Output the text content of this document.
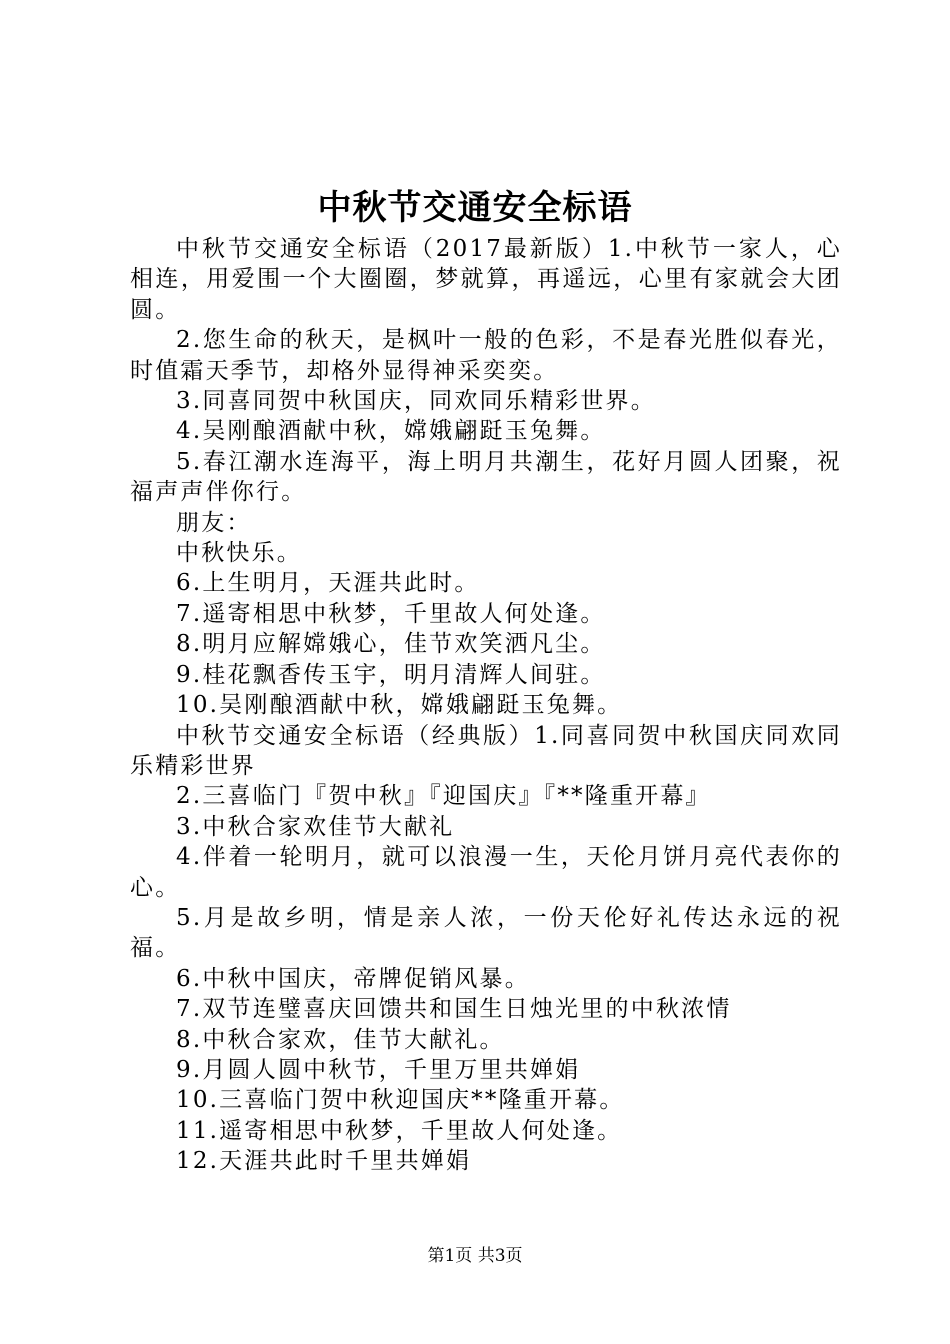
中秋节交通安全标语

中秋节交通安全标语（2017最新版）1.中秋节一家人，心相连，用爱围一个大圈圈，梦就算，再遥远，心里有家就会大团圆。

2.您生命的秋天，是枫叶一般的色彩，不是春光胜似春光，时值霜天季节，却格外显得神采奕奕。

3.同喜同贺中秋国庆，同欢同乐精彩世界。

4.吴刚酿酒献中秋，嫦娥翩跹玉兔舞。

5.春江潮水连海平，海上明月共潮生，花好月圆人团聚，祝福声声伴你行。

朋友：

中秋快乐。

6.上生明月，天涯共此时。

7.遥寄相思中秋梦，千里故人何处逢。

8.明月应解嫦娥心，佳节欢笑洒凡尘。

9.桂花飘香传玉宇，明月清辉人间驻。

10.吴刚酿酒献中秋，嫦娥翩跹玉兔舞。

中秋节交通安全标语（经典版）1.同喜同贺中秋国庆同欢同乐精彩世界

2.三喜临门『贺中秋』『迎国庆』『**隆重开幕』

3.中秋合家欢佳节大献礼

4.伴着一轮明月，就可以浪漫一生，天伦月饼月亮代表你的心。

5.月是故乡明，情是亲人浓，一份天伦好礼传达永远的祝福。

6.中秋中国庆，帝牌促销风暴。

7.双节连璧喜庆回馈共和国生日烛光里的中秋浓情

8.中秋合家欢，佳节大献礼。

9.月圆人圆中秋节，千里万里共婵娟

10.三喜临门贺中秋迎国庆**隆重开幕。

11.遥寄相思中秋梦，千里故人何处逢。

12.天涯共此时千里共婵娟

第1页 共3页
